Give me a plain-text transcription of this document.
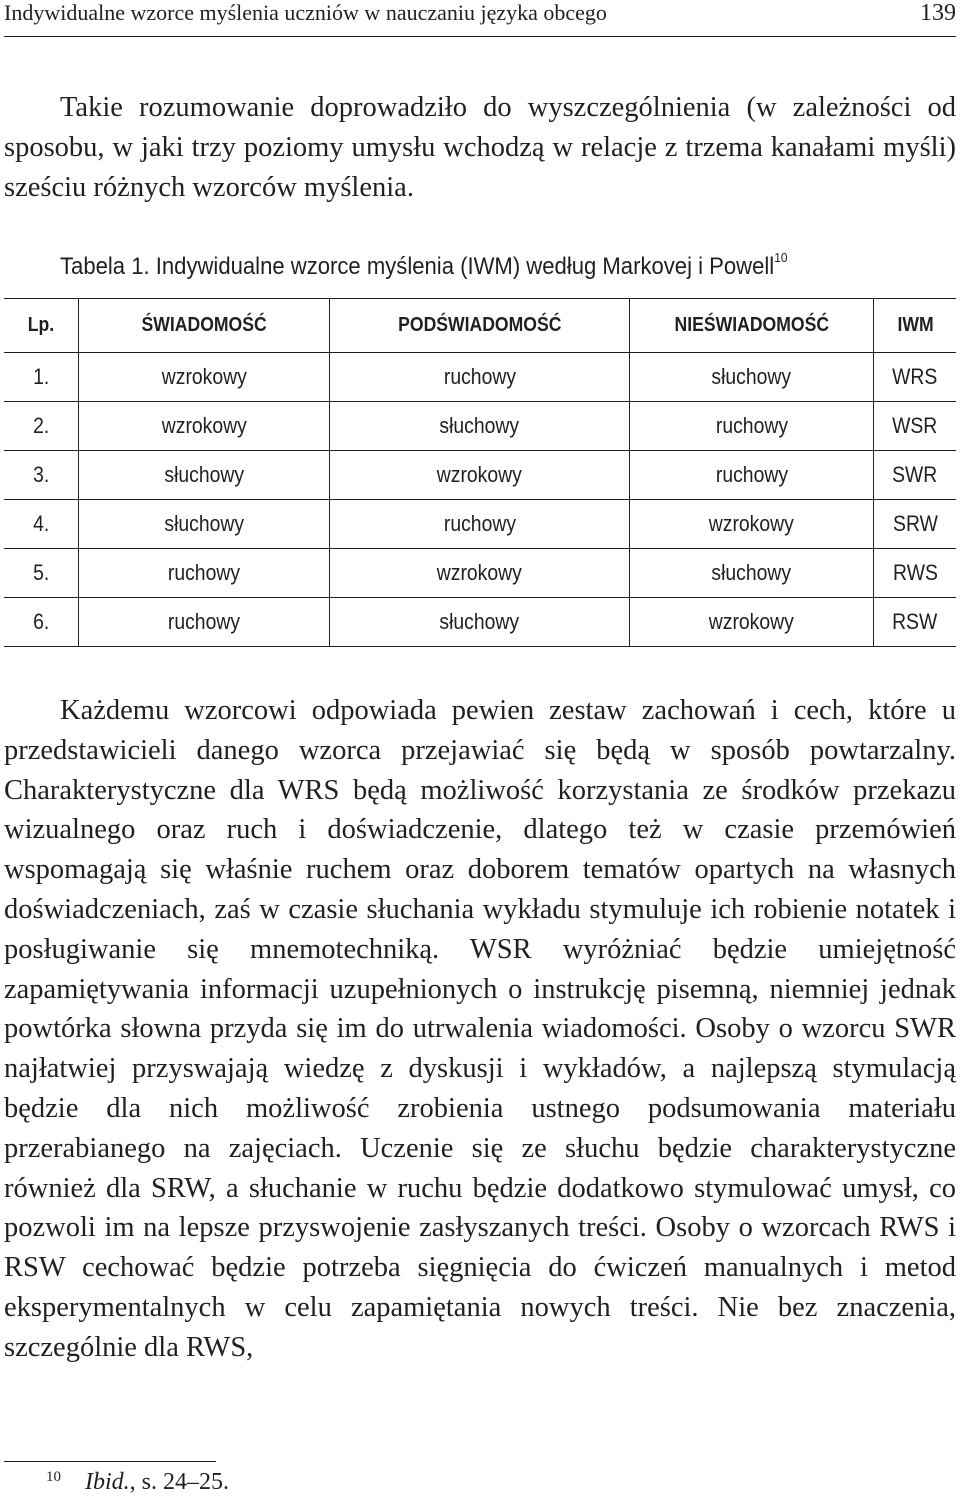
Indywidualne wzorce myślenia uczniów w nauczaniu języka obcego	139

Takie rozumowanie doprowadziło do wyszczególnienia (w zależności od sposobu, w jaki trzy poziomy umysłu wchodzą w relacje z trzema kanałami myśli) sześciu różnych wzorców myślenia.

Tabela 1. Indywidualne wzorce myślenia (IWM) według Markovej i Powell$^{10}$
Lp.	ŚWIADOMOŚĆ	PODŚWIADOMOŚĆ	NIEŚWIADOMOŚĆ	IWM
1.	wzrokowy	ruchowy	słuchowy	WRS
2.	wzrokowy	słuchowy	ruchowy	WSR
3.	słuchowy	wzrokowy	ruchowy	SWR
4.	słuchowy	ruchowy	wzrokowy	SRW
5.	ruchowy	wzrokowy	słuchowy	RWS
6.	ruchowy	słuchowy	wzrokowy	RSW

Każdemu wzorcowi odpowiada pewien zestaw zachowań i cech, które u przedstawicieli danego wzorca przejawiać się będą w sposób powtarzalny. Charakterystyczne dla WRS będą możliwość korzystania ze środków przekazu wizualnego oraz ruch i doświadczenie, dlatego też w czasie przemówień wspomagają się właśnie ruchem oraz doborem tematów opartych na własnych doświadczeniach, zaś w czasie słuchania wykładu stymuluje ich robienie notatek i posługiwanie się mnemotechniką. WSR wyróżniać będzie umiejętność zapamiętywania informacji uzupełnionych o instrukcję pisemną, niemniej jednak powtórka słowna przyda się im do utrwalenia wiadomości. Osoby o wzorcu SWR najłatwiej przyswajają wiedzę z dyskusji i wykładów, a najlepszą stymulacją będzie dla nich możliwość zrobienia ustnego podsumowania materiału przerabianego na zajęciach. Uczenie się ze słuchu będzie charakterystyczne również dla SRW, a słuchanie w ruchu będzie dodatkowo stymulować umysł, co pozwoli im na lepsze przyswojenie zasłyszanych treści. Osoby o wzorcach RWS i RSW cechować będzie potrzeba sięgnięcia do ćwiczeń manualnych i metod eksperymentalnych w celu zapamiętania nowych treści. Nie bez znaczenia, szczególnie dla RWS,

$^{10}$ Ibid., s. 24–25.
